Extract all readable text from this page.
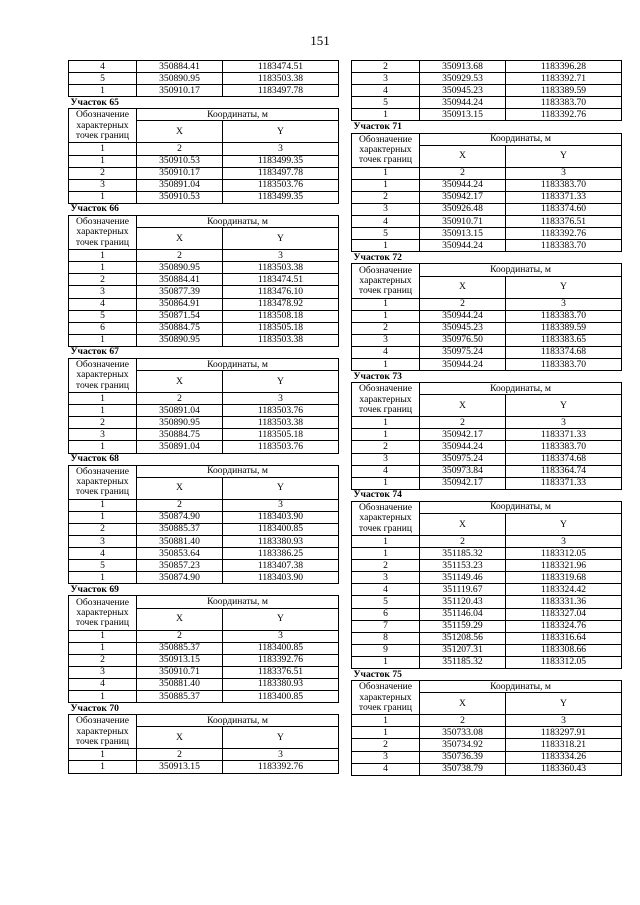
151
4	350884.41	1183474.51
5	350890.95	1183503.38
1	350910.17	1183497.78
Участок 65		
Обозначение характерных точек границ	Координаты, м	
	X	Y
1	2	3
1	350910.53	1183499.35
2	350910.17	1183497.78
3	350891.04	1183503.76
1	350910.53	1183499.35
Участок 66		
Обозначение характерных точек границ	Координаты, м	
	X	Y
1	2	3
1	350890.95	1183503.38
2	350884.41	1183474.51
3	350877.39	1183476.10
4	350864.91	1183478.92
5	350871.54	1183508.18
6	350884.75	1183505.18
1	350890.95	1183503.38
Участок 67		
Обозначение характерных точек границ	Координаты, м	
	X	Y
1	2	3
1	350891.04	1183503.76
2	350890.95	1183503.38
3	350884.75	1183505.18
1	350891.04	1183503.76
Участок 68		
Обозначение характерных точек границ	Координаты, м	
	X	Y
1	2	3
1	350874.90	1183403.90
2	350885.37	1183400.85
3	350881.40	1183380.93
4	350853.64	1183386.25
5	350857.23	1183407.38
1	350874.90	1183403.90
Участок 69		
Обозначение характерных точек границ	Координаты, м	
	X	Y
1	2	3
1	350885.37	1183400.85
2	350913.15	1183392.76
3	350910.71	1183376.51
4	350881.40	1183380.93
1	350885.37	1183400.85
Участок 70		
Обозначение характерных точек границ	Координаты, м	
	X	Y
1	2	3
1	350913.15	1183392.76
2	350913.68	1183396.28
3	350929.53	1183392.71
4	350945.23	1183389.59
5	350944.24	1183383.70
1	350913.15	1183392.76
Участок 71		
Обозначение характерных точек границ	Координаты, м	
	X	Y
1	2	3
1	350944.24	1183383.70
2	350942.17	1183371.33
3	350926.48	1183374.60
4	350910.71	1183376.51
5	350913.15	1183392.76
1	350944.24	1183383.70
Участок 72		
Обозначение характерных точек границ	Координаты, м	
	X	Y
1	2	3
1	350944.24	1183383.70
2	350945.23	1183389.59
3	350976.50	1183383.65
4	350975.24	1183374.68
1	350944.24	1183383.70
Участок 73		
Обозначение характерных точек границ	Координаты, м	
	X	Y
1	2	3
1	350942.17	1183371.33
2	350944.24	1183383.70
3	350975.24	1183374.68
4	350973.84	1183364.74
1	350942.17	1183371.33
Участок 74		
Обозначение характерных точек границ	Координаты, м	
	X	Y
1	2	3
1	351185.32	1183312.05
2	351153.23	1183321.96
3	351149.46	1183319.68
4	351119.67	1183324.42
5	351120.43	1183331.36
6	351146.04	1183327.04
7	351159.29	1183324.76
8	351208.56	1183316.64
9	351207.31	1183308.66
1	351185.32	1183312.05
Участок 75		
Обозначение характерных точек границ	Координаты, м	
	X	Y
1	2	3
1	350733.08	1183297.91
2	350734.92	1183318.21
3	350736.39	1183334.26
4	350738.79	1183360.43
